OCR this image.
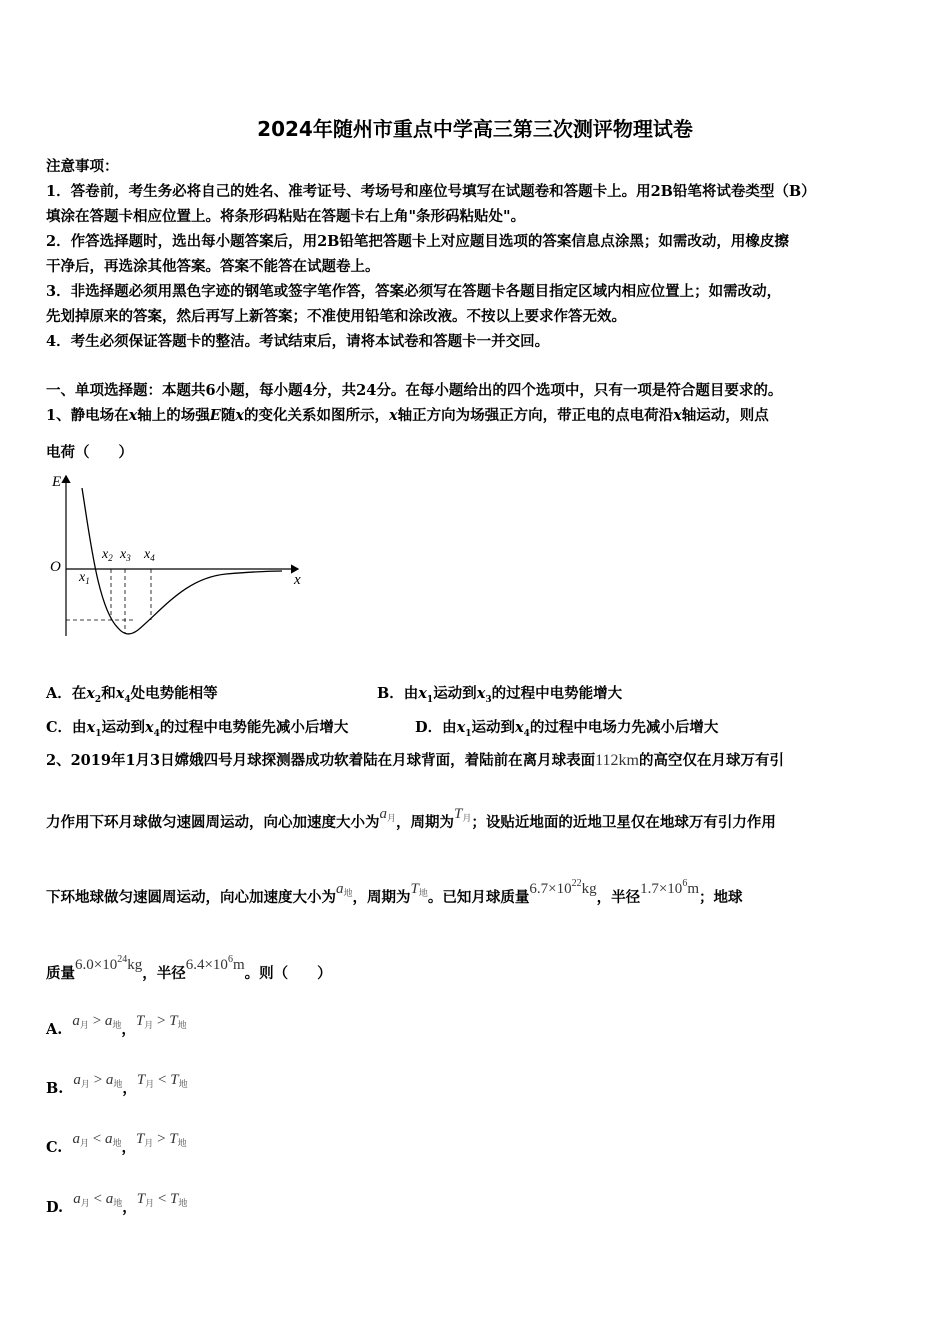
2024年随州市重点中学高三第三次测评物理试卷
注意事项：
1．答卷前，考生务必将自己的姓名、准考证号、考场号和座位号填写在试题卷和答题卡上。用2B铅笔将试卷类型（B）
填涂在答题卡相应位置上。将条形码粘贴在答题卡右上角"条形码粘贴处"。
2．作答选择题时，选出每小题答案后，用2B铅笔把答题卡上对应题目选项的答案信息点涂黑；如需改动，用橡皮擦
干净后，再选涂其他答案。答案不能答在试题卷上。
3．非选择题必须用黑色字迹的钢笔或签字笔作答，答案必须写在答题卡各题目指定区域内相应位置上；如需改动，
先划掉原来的答案，然后再写上新答案；不准使用铅笔和涂改液。不按以上要求作答无效。
4．考生必须保证答题卡的整洁。考试结束后，请将本试卷和答题卡一并交回。
一、单项选择题：本题共6小题，每小题4分，共24分。在每小题给出的四个选项中，只有一项是符合题目要求的。
1、静电场在x轴上的场强E随x的变化关系如图所示，x轴正方向为场强正方向，带正电的点电荷沿x轴运动，则点
电荷（　　）
E
x
O
$x_2$ $x_3$ $x_4$
$x_1$
A．在$x_2$和$x_4$处电势能相等	B．由$x_1$运动到$x_3$的过程中电势能增大
C．由$x_1$运动到$x_4$的过程中电势能先减小后增大	D．由$x_1$运动到$x_4$的过程中电场力先减小后增大
2、2019年1月3日嫦娥四号月球探测器成功软着陆在月球背面，着陆前在离月球表面112km的高空仅在月球万有引
力作用下环月球做匀速圆周运动，向心加速度大小为$a_月$，周期为$T_月$；设贴近地面的近地卫星仅在地球万有引力作用
下环地球做匀速圆周运动，向心加速度大小为$a_地$，周期为$T_地$。已知月球质量$6.7\times 10^{22}kg$，半径$1.7\times 10^6m$；地球
质量$6.0\times 10^{24}kg$，半径$6.4\times 10^6m$。则（　　）
A. $a_月 > a_地$，$T_月 > T_地$
B. $a_月 > a_地$，$T_月 < T_地$
C. $a_月 < a_地$，$T_月 > T_地$
D. $a_月 < a_地$，$T_月 < T_地$
